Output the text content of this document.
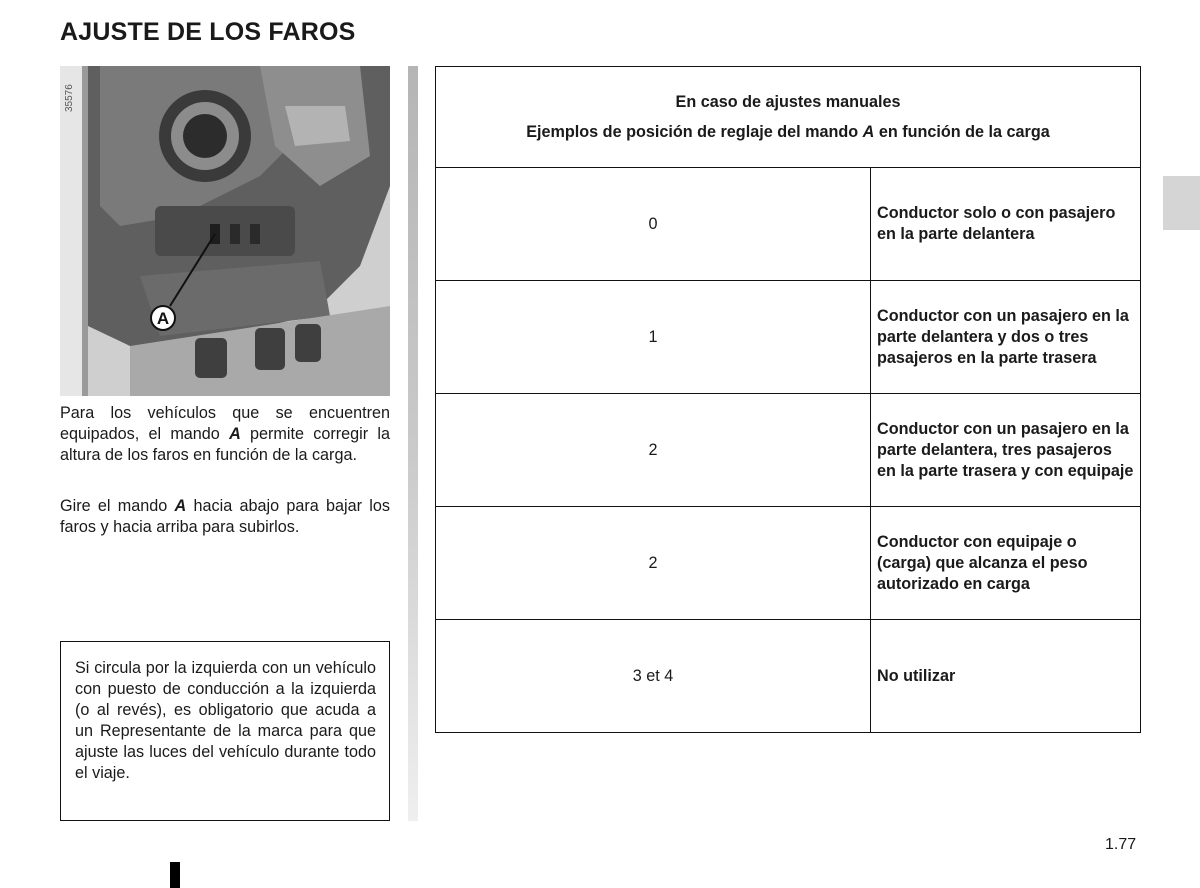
AJUSTE DE LOS FAROS
A
35576
Para los vehículos que se encuentren equipados, el mando A permite corregir la altura de los faros en función de la carga.
Gire el mando A hacia abajo para bajar los faros y hacia arriba para subirlos.
Si circula por la izquierda con un vehículo con puesto de conducción a la izquierda (o al revés), es obligatorio que acuda a un Representante de la marca para que ajuste las luces del vehículo durante todo el viaje.
En caso de ajustes manuales
Ejemplos de posición de reglaje del mando A en función de la carga	

0	Conductor solo o con pasajero en la parte delantera
1	Conductor con un pasajero en la parte delantera y dos o tres pasajeros en la parte trasera
2	Conductor con un pasajero en la parte delantera, tres pasajeros en la parte trasera y con equipaje
2	Conductor con equipaje o (carga) que alcanza el peso autorizado en carga
3 et 4	No utilizar
1.77
